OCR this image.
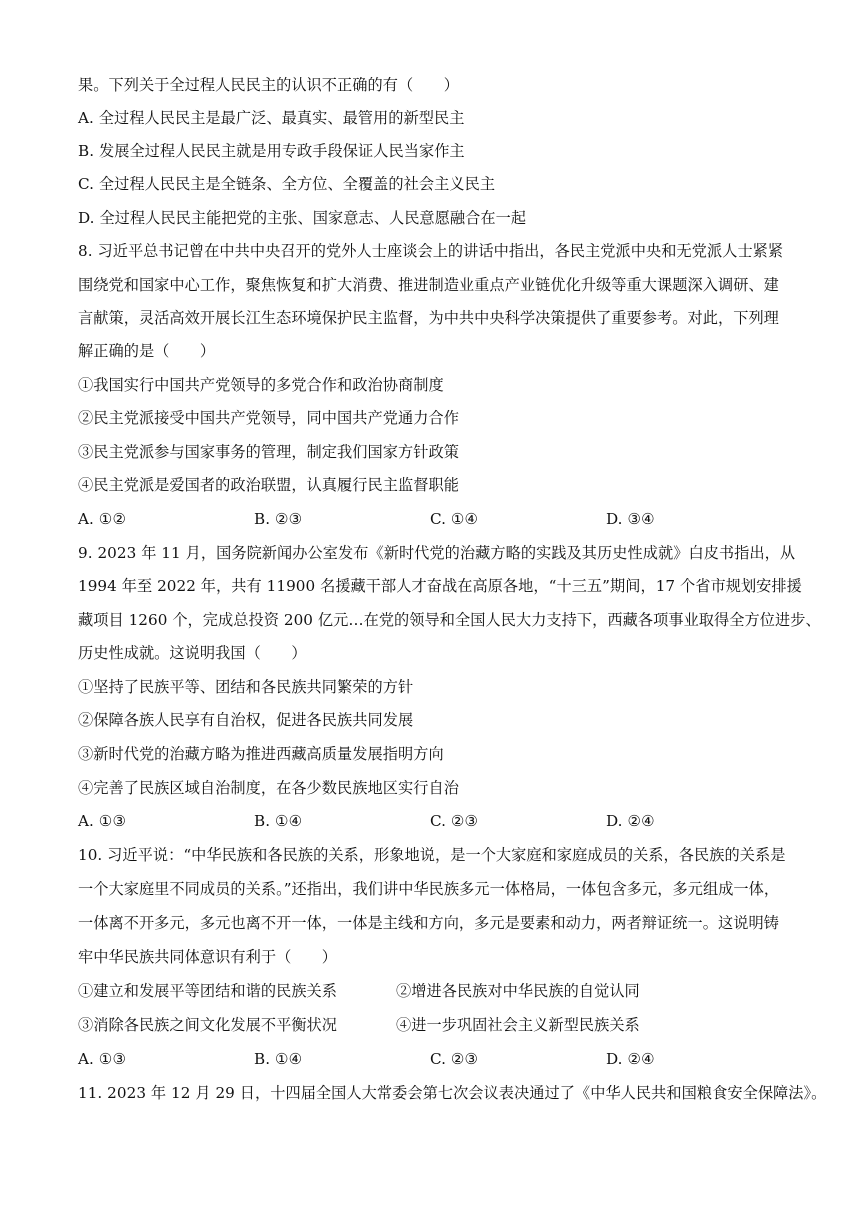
果。下列关于全过程人民民主的认识不正确的有（　　）
A. 全过程人民民主是最广泛、最真实、最管用的新型民主
B. 发展全过程人民民主就是用专政手段保证人民当家作主
C. 全过程人民民主是全链条、全方位、全覆盖的社会主义民主
D. 全过程人民民主能把党的主张、国家意志、人民意愿融合在一起
8. 习近平总书记曾在中共中央召开的党外人士座谈会上的讲话中指出，各民主党派中央和无党派人士紧紧
围绕党和国家中心工作，聚焦恢复和扩大消费、推进制造业重点产业链优化升级等重大课题深入调研、建
言献策，灵活高效开展长江生态环境保护民主监督，为中共中央科学决策提供了重要参考。对此，下列理
解正确的是（　　）
①我国实行中国共产党领导的多党合作和政治协商制度
②民主党派接受中国共产党领导，同中国共产党通力合作
③民主党派参与国家事务的管理，制定我们国家方针政策
④民主党派是爱国者的政治联盟，认真履行民主监督职能
A. ①②	B. ②③	C. ①④	D. ③④
9. 2023 年 11 月，国务院新闻办公室发布《新时代党的治藏方略的实践及其历史性成就》白皮书指出，从
1994 年至 2022 年，共有 11900 名援藏干部人才奋战在高原各地，“十三五”期间，17 个省市规划安排援
藏项目 1260 个，完成总投资 200 亿元…在党的领导和全国人民大力支持下，西藏各项事业取得全方位进步、
历史性成就。这说明我国（　　）
①坚持了民族平等、团结和各民族共同繁荣的方针
②保障各族人民享有自治权，促进各民族共同发展
③新时代党的治藏方略为推进西藏高质量发展指明方向
④完善了民族区域自治制度，在各少数民族地区实行自治
A. ①③	B. ①④	C. ②③	D. ②④
10. 习近平说：“中华民族和各民族的关系，形象地说，是一个大家庭和家庭成员的关系，各民族的关系是
一个大家庭里不同成员的关系。”还指出，我们讲中华民族多元一体格局，一体包含多元，多元组成一体，
一体离不开多元，多元也离不开一体，一体是主线和方向，多元是要素和动力，两者辩证统一。这说明铸
牢中华民族共同体意识有利于（　　）
①建立和发展平等团结和谐的民族关系	②增进各民族对中华民族的自觉认同
③消除各民族之间文化发展不平衡状况	④进一步巩固社会主义新型民族关系
A. ①③	B. ①④	C. ②③	D. ②④
11. 2023 年 12 月 29 日，十四届全国人大常委会第七次会议表决通过了《中华人民共和国粮食安全保障法》。
